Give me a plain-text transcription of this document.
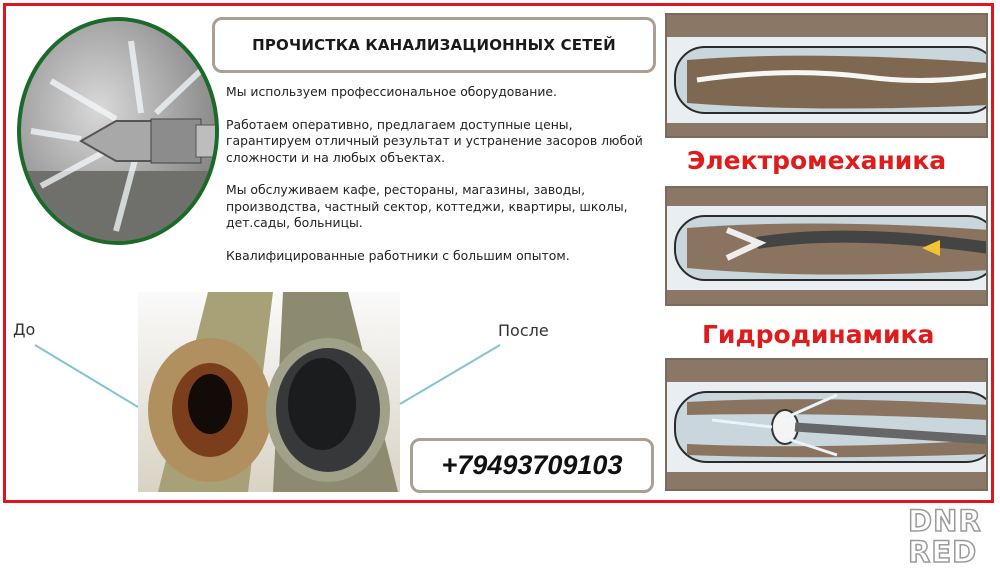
ПРОЧИСТКА КАНАЛИЗАЦИОННЫХ СЕТЕЙ

Мы используем профессиональное оборудование.

Работаем оперативно, предлагаем доступные цены, гарантируем отличный результат и устранение засоров любой сложности и на любых объектах.

Мы обслуживаем кафе, рестораны, магазины, заводы, производства, частный сектор, коттеджи, квартиры, школы, дет.сады, больницы.

Квалифицированные работники с большим опытом.

До	После
+79493709103
Электромеханика
Гидродинамика
DNR
RED
